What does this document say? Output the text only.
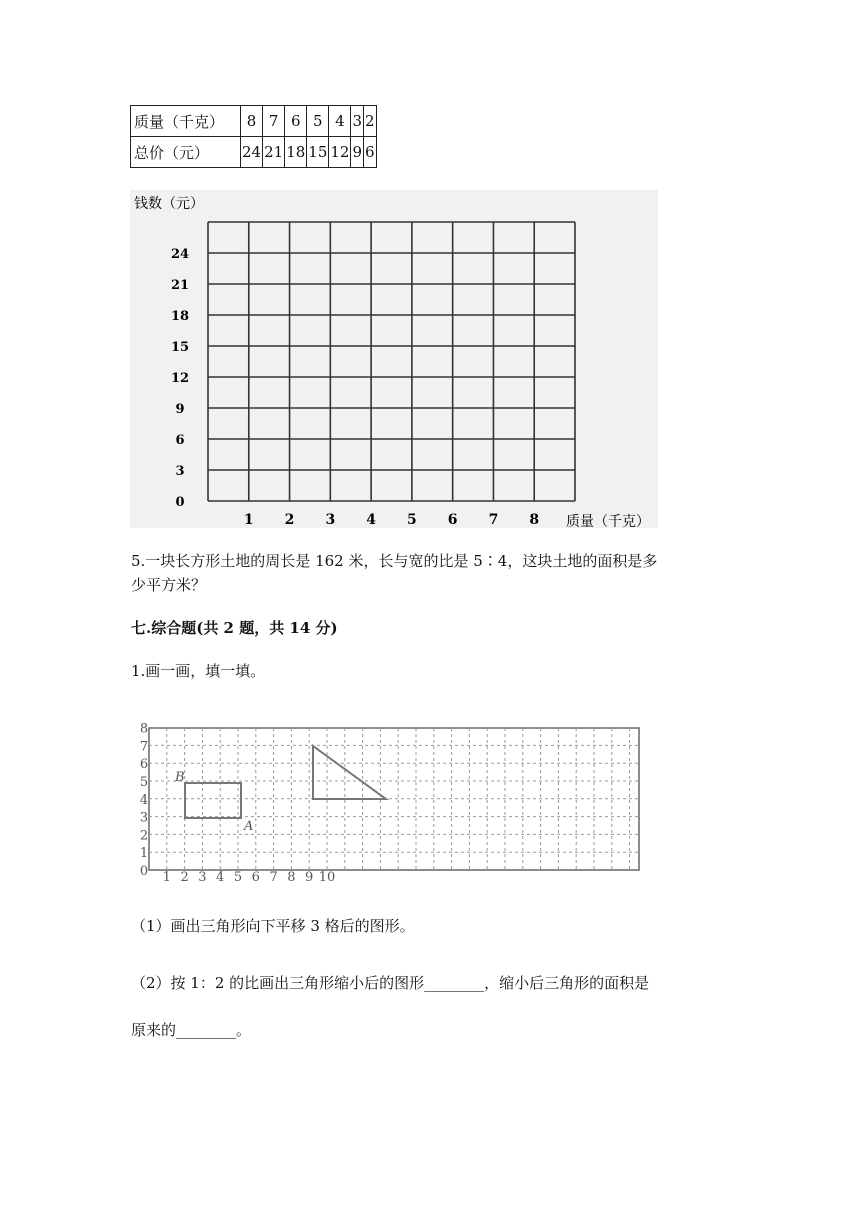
质量（千克）	8	7	6	5	4	3	2
总价（元）	24	21	18	15	12	9	6
钱数（元）
质量（千克）
1 2 3 4 5 6 7 8
0
3
6
9
12
15
18
21
24
5.一块长方形土地的周长是 162 米，长与宽的比是 5∶4，这块土地的面积是多
少平方米？
七.综合题(共 2 题，共 14 分)
1.画一画，填一填。
0
1
2
3
4
5
6
7
8
1 2 3 4 5 6 7 8 9 10
B
A
（1）画出三角形向下平移 3 格后的图形。
（2）按 1：2 的比画出三角形缩小后的图形________，缩小后三角形的面积是
原来的________。
